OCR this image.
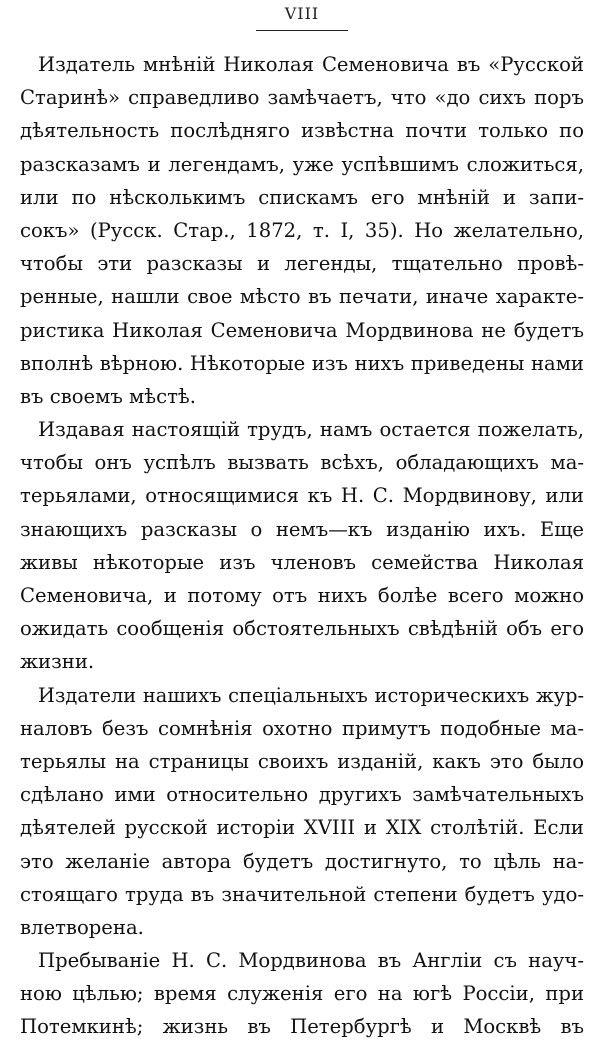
VIII
Издатель мнѣній Николая Семеновича въ «Русской
Старинѣ» справедливо замѣчаетъ, что «до сихъ поръ
дѣятельность послѣдняго извѣстна почти только по
разсказамъ и легендамъ, уже успѣвшимъ сложиться,
или по нѣсколькимъ спискамъ его мнѣній и запи-
сокъ» (Русск. Стар., 1872, т. I, 35). Но желательно,
чтобы эти разсказы и легенды, тщательно провѣ-
ренные, нашли свое мѣсто въ печати, иначе характе-
ристика Николая Семеновича Мордвинова не будетъ
вполнѣ вѣрною. Нѣкоторые изъ нихъ приведены нами
въ своемъ мѣстѣ.
Издавая настоящій трудъ, намъ остается пожелать,
чтобы онъ успѣлъ вызвать всѣхъ, обладающихъ ма-
терьялами, относящимися къ Н. С. Мордвинову, или
знающихъ разсказы о немъ—къ изданію ихъ. Еще
живы нѣкоторые изъ членовъ семейства Николая
Семеновича, и потому отъ нихъ болѣе всего можно
ожидать сообщенія обстоятельныхъ свѣдѣній объ его
жизни.
Издатели нашихъ спеціальныхъ историческихъ жур-
наловъ безъ сомнѣнія охотно примутъ подобные ма-
терьялы на страницы своихъ изданій, какъ это было
сдѣлано ими относительно другихъ замѣчательныхъ
дѣятелей русской исторіи XVIII и XIX столѣтій. Если
это желаніе автора будетъ достигнуто, то цѣль на-
стоящаго труда въ значительной степени будетъ удо-
влетворена.
Пребываніе Н. С. Мордвинова въ Англіи съ науч-
ною цѣлью; время служенія его на югѣ Россіи, при
Потемкинѣ; жизнь въ Петербургѣ и Москвѣ въ
